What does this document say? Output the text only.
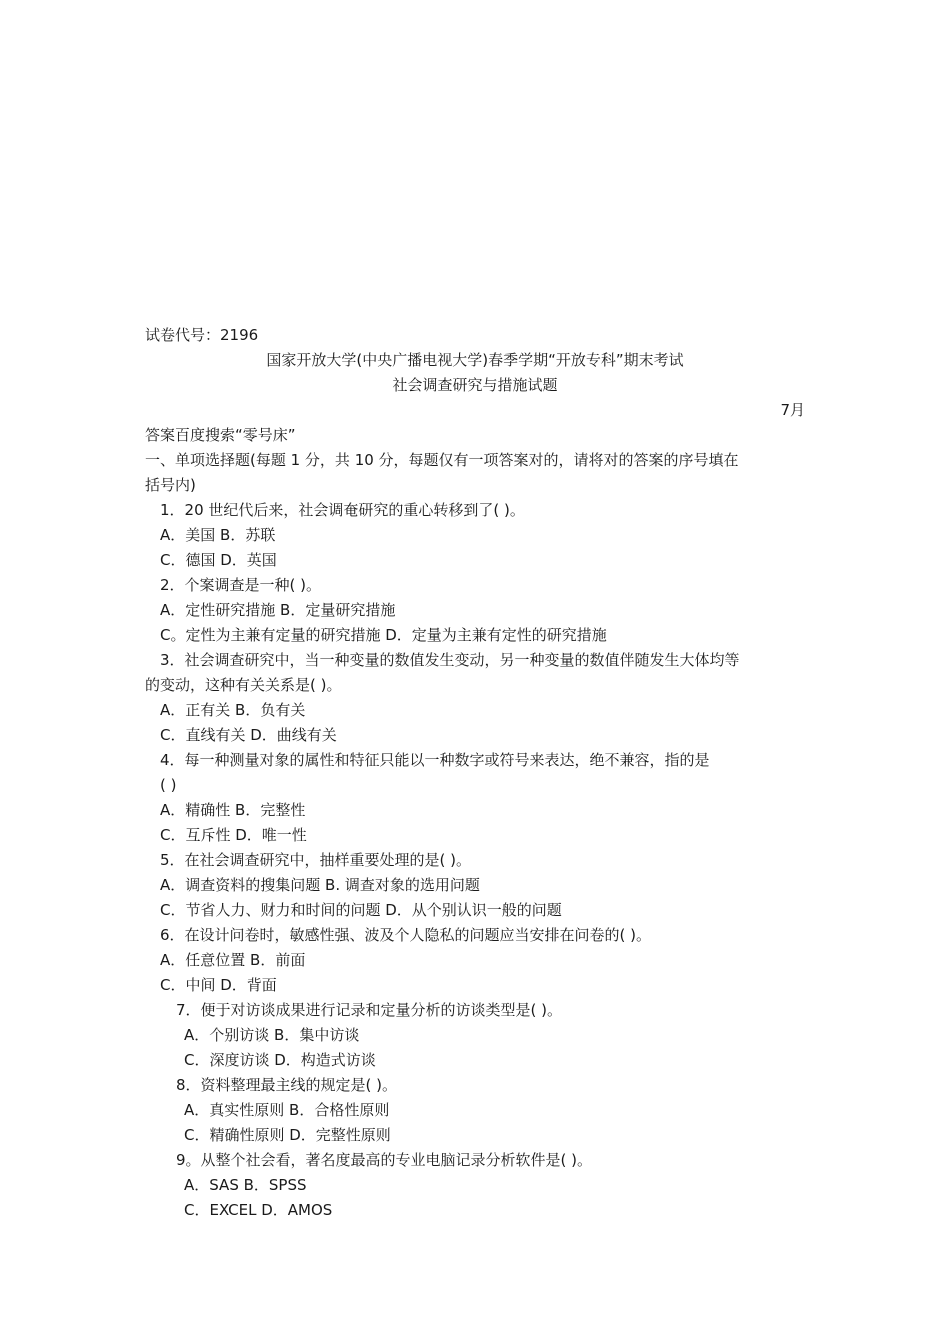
试卷代号：2196
国家开放大学(中央广播电视大学)春季学期“开放专科”期末考试
社会调查研究与措施试题
7月
答案百度搜索“零号床”
一、单项选择题(每题 1 分，共 10 分，每题仅有一项答案对的，请将对的答案的序号填在
括号内)
1．20 世纪代后来，社会调奄研究的重心转移到了( )。
A．美国 B．苏联
C．德国 D．英国
2．个案调查是一种( )。
A．定性研究措施 B．定量研究措施
C。定性为主兼有定量的研究措施 D．定量为主兼有定性的研究措施
3．社会调查研究中，当一种变量的数值发生变动，另一种变量的数值伴随发生大体均等
的变动，这种有关关系是( )。
A．正有关 B．负有关
C．直线有关 D．曲线有关
4．每一种测量对象的属性和特征只能以一种数字或符号来表达，绝不兼容，指的是
( )
A．精确性 B．完整性
C．互斥性 D．唯一性
5．在社会调查研究中，抽样重要处理的是( )。
A．调查资料的搜集问题 B. 调查对象的选用问题
C．节省人力、财力和时间的问题 D．从个别认识一般的问题
6．在设计问卷时，敏感性强、波及个人隐私的问题应当安排在问卷的( )。
A．任意位置 B．前面
C．中间 D．背面
7．便于对访谈成果进行记录和定量分析的访谈类型是( )。
A．个别访谈 B．集中访谈
C．深度访谈 D．构造式访谈
8．资料整理最主线的规定是( )。
A．真实性原则 B．合格性原则
C．精确性原则 D．完整性原则
9。从整个社会看，著名度最高的专业电脑记录分析软件是( )。
A．SAS B．SPSS
C．EXCEL D．AMOS
